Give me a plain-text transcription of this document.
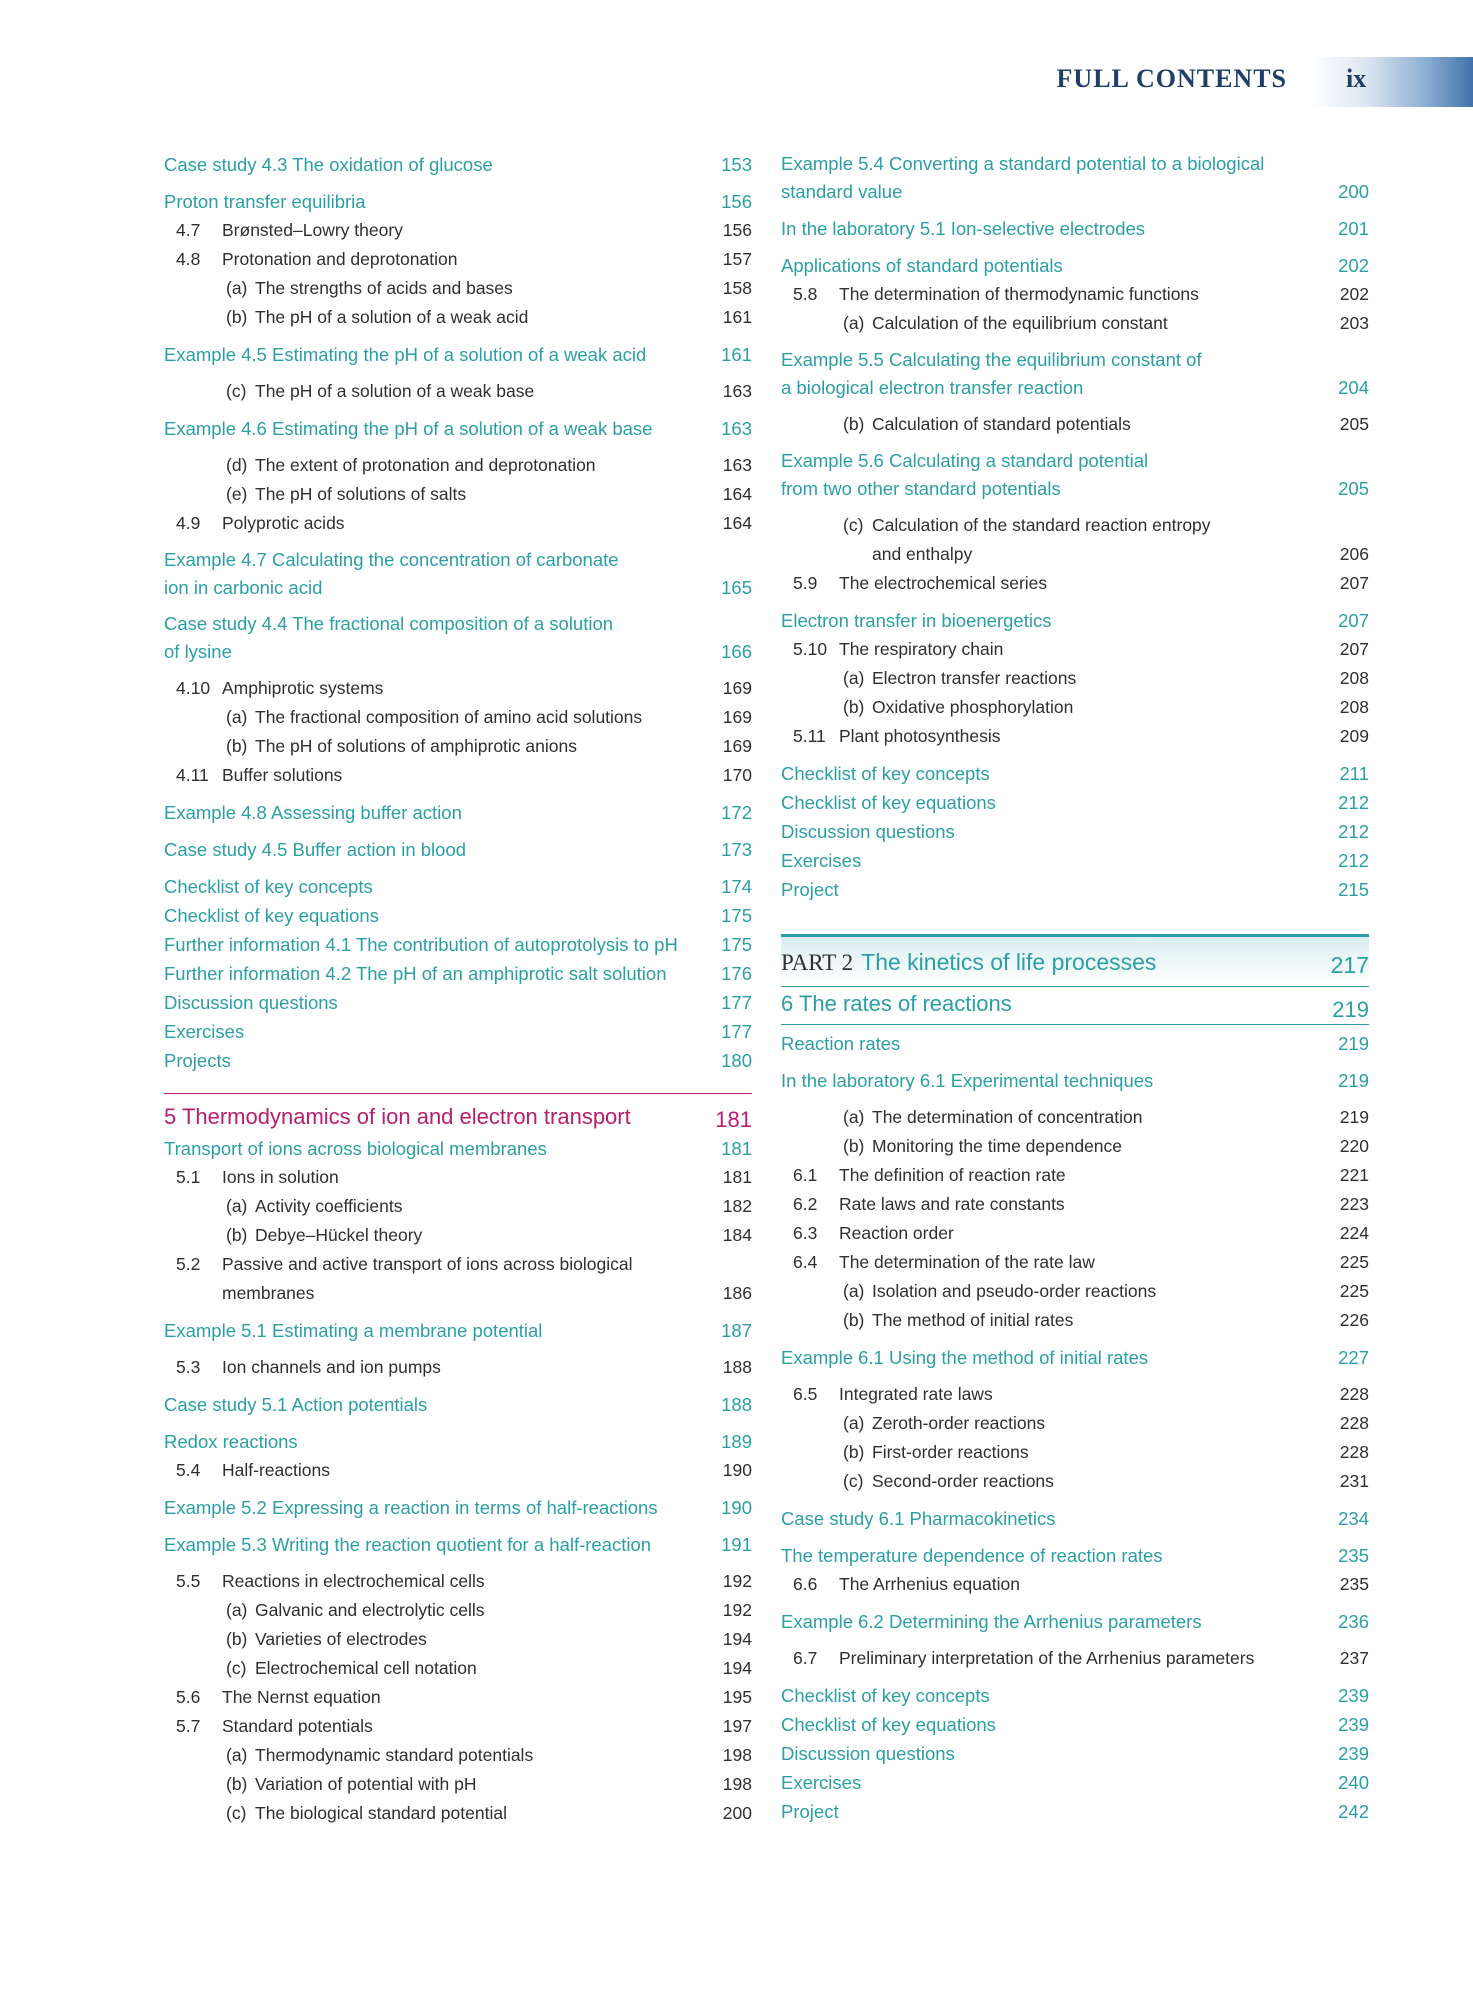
FULL CONTENTS ix
Case study 4.3 The oxidation of glucose	153
Proton transfer equilibria	156
4.7 Brønsted–Lowry theory	156
4.8 Protonation and deprotonation	157
(a) The strengths of acids and bases	158
(b) The pH of a solution of a weak acid	161
Example 4.5 Estimating the pH of a solution of a weak acid	161
(c) The pH of a solution of a weak base	163
Example 4.6 Estimating the pH of a solution of a weak base	163
(d) The extent of protonation and deprotonation	163
(e) The pH of solutions of salts	164
4.9 Polyprotic acids	164
Example 4.7 Calculating the concentration of carbonate
ion in carbonic acid	165
Case study 4.4 The fractional composition of a solution
of lysine	166
4.10 Amphiprotic systems	169
(a) The fractional composition of amino acid solutions	169
(b) The pH of solutions of amphiprotic anions	169
4.11 Buffer solutions	170
Example 4.8 Assessing buffer action	172
Case study 4.5 Buffer action in blood	173
Checklist of key concepts	174
Checklist of key equations	175
Further information 4.1 The contribution of autoprotolysis to pH	175
Further information 4.2 The pH of an amphiprotic salt solution	176
Discussion questions	177
Exercises	177
Projects	180
5 Thermodynamics of ion and electron transport	181
Transport of ions across biological membranes	181
5.1 Ions in solution	181
(a) Activity coefficients	182
(b) Debye–Hückel theory	184
5.2 Passive and active transport of ions across biological
membranes	186
Example 5.1 Estimating a membrane potential	187
5.3 Ion channels and ion pumps	188
Case study 5.1 Action potentials	188
Redox reactions	189
5.4 Half-reactions	190
Example 5.2 Expressing a reaction in terms of half-reactions	190
Example 5.3 Writing the reaction quotient for a half-reaction	191
5.5 Reactions in electrochemical cells	192
(a) Galvanic and electrolytic cells	192
(b) Varieties of electrodes	194
(c) Electrochemical cell notation	194
5.6 The Nernst equation	195
5.7 Standard potentials	197
(a) Thermodynamic standard potentials	198
(b) Variation of potential with pH	198
(c) The biological standard potential	200
Example 5.4 Converting a standard potential to a biological
standard value	200
In the laboratory 5.1 Ion-selective electrodes	201
Applications of standard potentials	202
5.8 The determination of thermodynamic functions	202
(a) Calculation of the equilibrium constant	203
Example 5.5 Calculating the equilibrium constant of
a biological electron transfer reaction	204
(b) Calculation of standard potentials	205
Example 5.6 Calculating a standard potential
from two other standard potentials	205
(c) Calculation of the standard reaction entropy
and enthalpy	206
5.9 The electrochemical series	207
Electron transfer in bioenergetics	207
5.10 The respiratory chain	207
(a) Electron transfer reactions	208
(b) Oxidative phosphorylation	208
5.11 Plant photosynthesis	209
Checklist of key concepts	211
Checklist of key equations	212
Discussion questions	212
Exercises	212
Project	215
PART 2 The kinetics of life processes	217
6 The rates of reactions	219
Reaction rates	219
In the laboratory 6.1 Experimental techniques	219
(a) The determination of concentration	219
(b) Monitoring the time dependence	220
6.1 The definition of reaction rate	221
6.2 Rate laws and rate constants	223
6.3 Reaction order	224
6.4 The determination of the rate law	225
(a) Isolation and pseudo-order reactions	225
(b) The method of initial rates	226
Example 6.1 Using the method of initial rates	227
6.5 Integrated rate laws	228
(a) Zeroth-order reactions	228
(b) First-order reactions	228
(c) Second-order reactions	231
Case study 6.1 Pharmacokinetics	234
The temperature dependence of reaction rates	235
6.6 The Arrhenius equation	235
Example 6.2 Determining the Arrhenius parameters	236
6.7 Preliminary interpretation of the Arrhenius parameters	237
Checklist of key concepts	239
Checklist of key equations	239
Discussion questions	239
Exercises	240
Project	242
